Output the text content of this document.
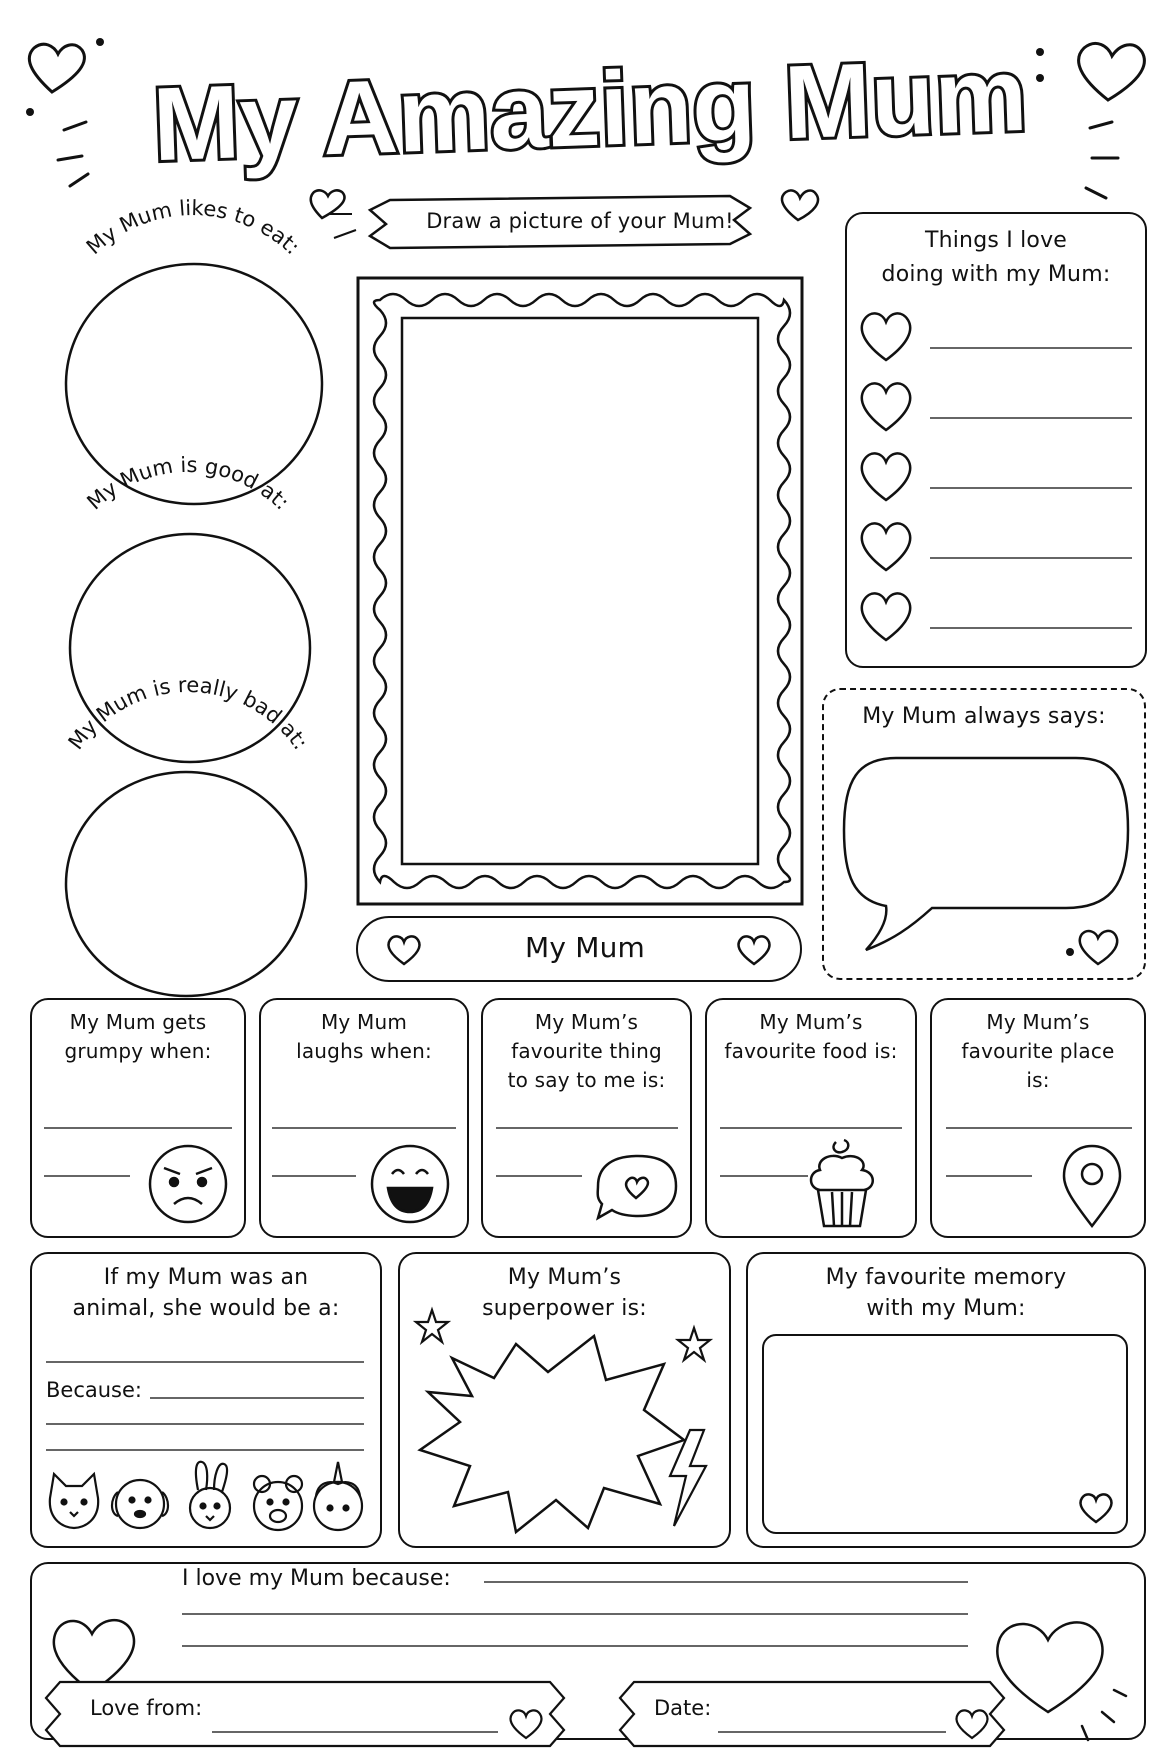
My Amazing Mum
Draw a picture of your Mum!
My Mum likes to eat:
My Mum is good at:
My Mum is really bad at:
My Mum
Things I love
doing with my Mum:
My Mum always says:
My Mum gets
grumpy when:
My Mum
laughs when:
My Mum’s
favourite thing
to say to me is:
My Mum’s
favourite food is:
My Mum’s
favourite place
is:
If my Mum was an
animal, she would be a:
Because:
My Mum’s
superpower is:
My favourite memory
with my Mum:
I love my Mum because:
Love from:	Date:
